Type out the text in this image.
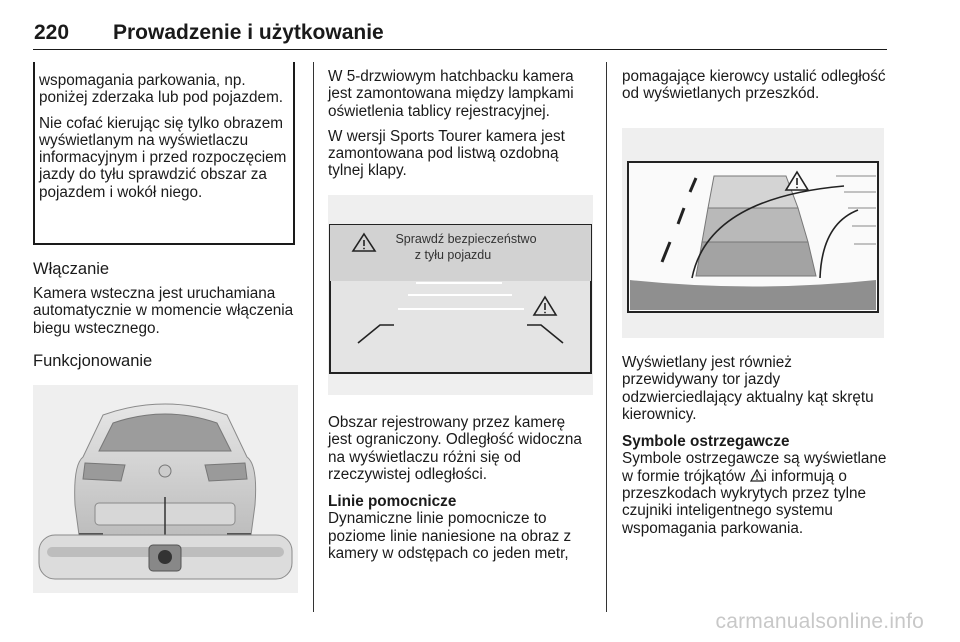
220 Prowadzenie i użytkowanie

wspomagania parkowania, np. poniżej zderzaka lub pod pojazdem.

Nie cofać kierując się tylko obrazem wyświetlanym na wyświetlaczu informacyjnym i przed rozpoczęciem jazdy do tyłu sprawdzić obszar za pojazdem i wokół niego.

Włączanie

Kamera wsteczna jest uruchamiana automatycznie w momencie włączenia biegu wstecznego.

Funkcjonowanie

W 5-drzwiowym hatchbacku kamera jest zamontowana między lampkami oświetlenia tablicy rejestracyjnej.

W wersji Sports Tourer kamera jest zamontowana pod listwą ozdobną tylnej klapy.

Sprawdź bezpieczeństwo
z tyłu pojazdu

Obszar rejestrowany przez kamerę jest ograniczony. Odległość widoczna na wyświetlaczu różni się od rzeczywistej odległości.

Linie pomocnicze

Dynamiczne linie pomocnicze to poziome linie naniesione na obraz z kamery w odstępach co jeden metr,

pomagające kierowcy ustalić odległość od wyświetlanych przeszkód.

Wyświetlany jest również przewidywany tor jazdy odzwierciedlający aktualny kąt skrętu kierownicy.

Symbole ostrzegawcze

Symbole ostrzegawcze są wyświetlane w formie trójkątów i informują o przeszkodach wykrytych przez tylne czujniki inteligentnego systemu wspomagania parkowania.

carmanualsonline.info
